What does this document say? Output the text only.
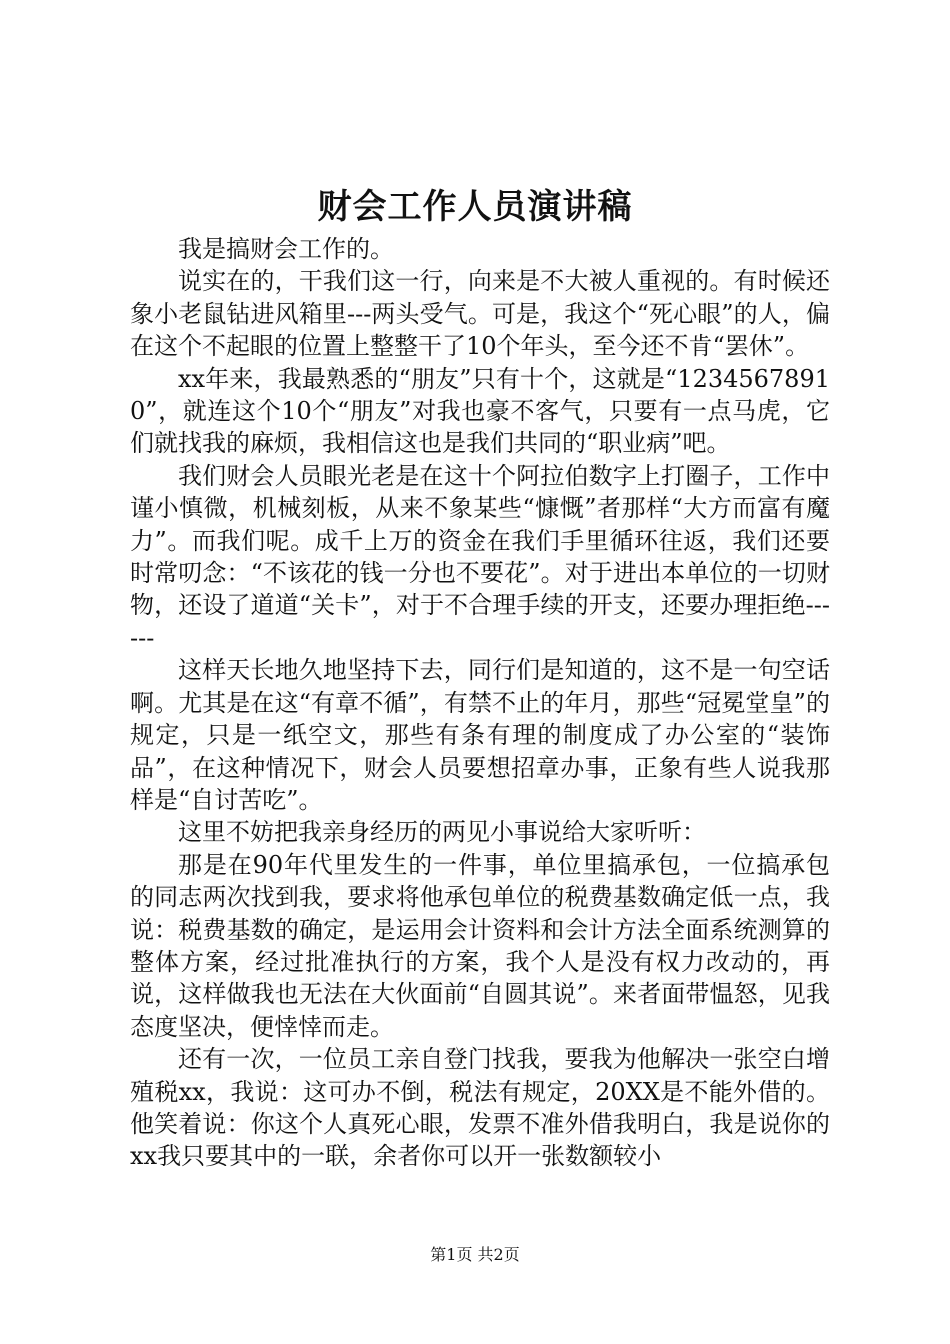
财会工作人员演讲稿

我是搞财会工作的。

说实在的，干我们这一行，向来是不大被人重视的。有时候还象小老鼠钻进风箱里---两头受气。可是，我这个“死心眼”的人，偏在这个不起眼的位置上整整干了10个年头，至今还不肯“罢休”。

xx年来，我最熟悉的“朋友”只有十个，这就是“12345678910”，就连这个10个“朋友”对我也豪不客气，只要有一点马虎，它们就找我的麻烦，我相信这也是我们共同的“职业病”吧。

我们财会人员眼光老是在这十个阿拉伯数字上打圈子，工作中谨小慎微，机械刻板，从来不象某些“慷慨”者那样“大方而富有魔力”。而我们呢。成千上万的资金在我们手里循环往返，我们还要时常叨念：“不该花的钱一分也不要花”。对于进出本单位的一切财物，还设了道道“关卡”，对于不合理手续的开支，还要办理拒绝------

这样天长地久地坚持下去，同行们是知道的，这不是一句空话啊。尤其是在这“有章不循”，有禁不止的年月，那些“冠冕堂皇”的规定，只是一纸空文，那些有条有理的制度成了办公室的“装饰品”，在这种情况下，财会人员要想招章办事，正象有些人说我那样是“自讨苦吃”。

这里不妨把我亲身经历的两见小事说给大家听听：

那是在90年代里发生的一件事，单位里搞承包，一位搞承包的同志两次找到我，要求将他承包单位的税费基数确定低一点，我说：税费基数的确定，是运用会计资料和会计方法全面系统测算的整体方案，经过批准执行的方案，我个人是没有权力改动的，再说，这样做我也无法在大伙面前“自圆其说”。来者面带愠怒，见我态度坚决，便悻悻而走。

还有一次，一位员工亲自登门找我，要我为他解决一张空白增殖税xx，我说：这可办不倒，税法有规定，20XX是不能外借的。他笑着说：你这个人真死心眼，发票不准外借我明白，我是说你的xx我只要其中的一联，余者你可以开一张数额较小

第1页 共2页
